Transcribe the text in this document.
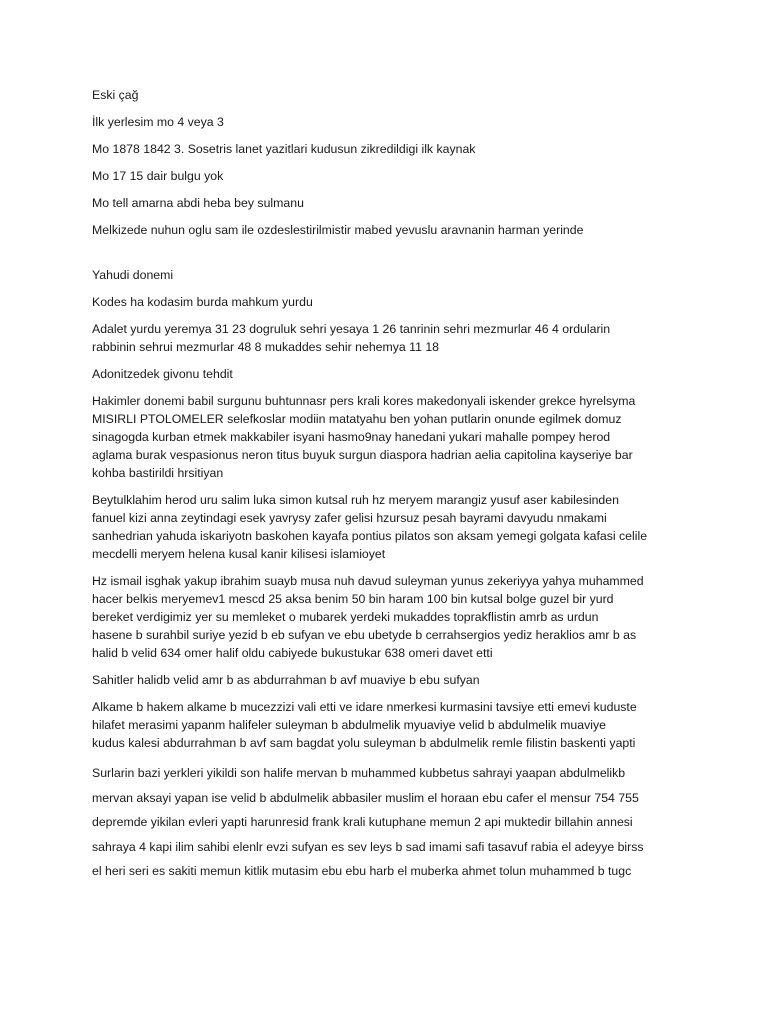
Eski çağ

İlk yerlesim mo 4 veya 3

Mo 1878 1842 3. Sosetris lanet yazitlari kudusun zikredildigi ilk kaynak

Mo 17 15 dair bulgu yok

Mo tell amarna abdi heba bey sulmanu

Melkizede nuhun oglu sam ile ozdeslestirilmistir mabed yevuslu aravnanin harman yerinde

Yahudi donemi

Kodes ha kodasim burda mahkum yurdu

Adalet yurdu yeremya 31 23 dogruluk sehri yesaya 1 26 tanrinin sehri mezmurlar 46 4 ordularin
rabbinin sehrui mezmurlar 48 8 mukaddes sehir nehemya 11 18

Adonitzedek givonu tehdit

Hakimler donemi babil surgunu buhtunnasr pers krali kores makedonyali iskender grekce hyrelsyma
MISIRLI PTOLOMELER selefkoslar modiin matatyahu ben yohan putlarin onunde egilmek domuz
sinagogda kurban etmek makkabiler isyani hasmo9nay hanedani yukari mahalle pompey herod
aglama burak vespasionus neron titus buyuk surgun diaspora hadrian aelia capitolina kayseriye bar
kohba bastirildi hrsitiyan

Beytulklahim herod uru salim luka simon kutsal ruh hz meryem marangiz yusuf aser kabilesinden
fanuel kizi anna zeytindagi esek yavrysy zafer gelisi hzursuz pesah bayrami davyudu nmakami
sanhedrian yahuda iskariyotn baskohen kayafa pontius pilatos son aksam yemegi golgata kafasi celile
mecdelli meryem helena kusal kanir kilisesi islamioyet

Hz ismail isghak yakup ibrahim suayb musa nuh davud suleyman yunus zekeriyya yahya muhammed
hacer belkis meryemev1 mescd 25 aksa benim 50 bin haram 100 bin kutsal bolge guzel bir yurd
bereket verdigimiz yer su memleket o mubarek yerdeki mukaddes toprakflistin amrb as urdun
hasene b surahbil suriye yezid b eb sufyan ve ebu ubetyde b cerrahsergios yediz heraklios amr b as
halid b velid 634 omer halif oldu cabiyede bukustukar 638 omeri davet etti

Sahitler halidb velid amr b as abdurrahman b avf muaviye b ebu sufyan

Alkame b hakem alkame b mucezzizi vali etti ve idare nmerkesi kurmasini tavsiye etti emevi kuduste
hilafet merasimi yapanm halifeler suleyman b abdulmelik myuaviye velid b abdulmelik muaviye
kudus kalesi abdurrahman b avf sam bagdat yolu suleyman b abdulmelik remle filistin baskenti yapti

Surlarin bazi yerkleri yikildi son halife mervan b muhammed kubbetus sahrayi yaapan abdulmelikb

mervan aksayi yapan ise velid b abdulmelik abbasiler muslim el horaan ebu cafer el mensur 754 755

depremde yikilan evleri yapti harunresid frank krali kutuphane memun 2 api muktedir billahin annesi

sahraya 4 kapi ilim sahibi elenlr evzi sufyan es sev leys b sad imami safi tasavuf rabia el adeyye birss

el heri seri es sakiti memun kitlik mutasim ebu ebu harb el muberka ahmet tolun muhammed b tugc
